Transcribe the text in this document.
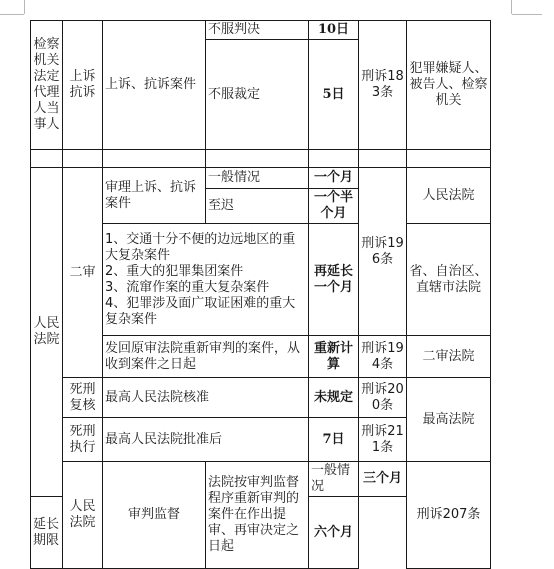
检察机关法定代理人当事人	上诉抗诉	上诉、抗诉案件	不服判决	10日	刑诉183条	犯罪嫌疑人、被告人、检察机关	
			不服裁定	5日			

人民法院	二审	审理上诉、抗诉案件	一般情况	一个月	刑诉196条	人民法院	
			至迟	一个半个月			

		1、交通十分不便的边远地区的重大复杂案件
2、重大的犯罪集团案件
3、流窜作案的重大复杂案件
4、犯罪涉及面广取证困难的重大复杂案件		再延长一个月		省、自治区、直辖市法院	
		发回原审法院重新审判的案件，从收到案件之日起		重新计算	刑诉194条	二审法院	
	死刑复核	最高人民法院核准		未规定	刑诉200条	最高法院	
	死刑执行	最高人民法院批准后		7日	刑诉211条		
	人民法院	审判监督	法院按审判监督程序重新审判的案件在作出提审、再审决定之日起	一般情况	三个月	刑诉207条	
延长期限				六个月			
